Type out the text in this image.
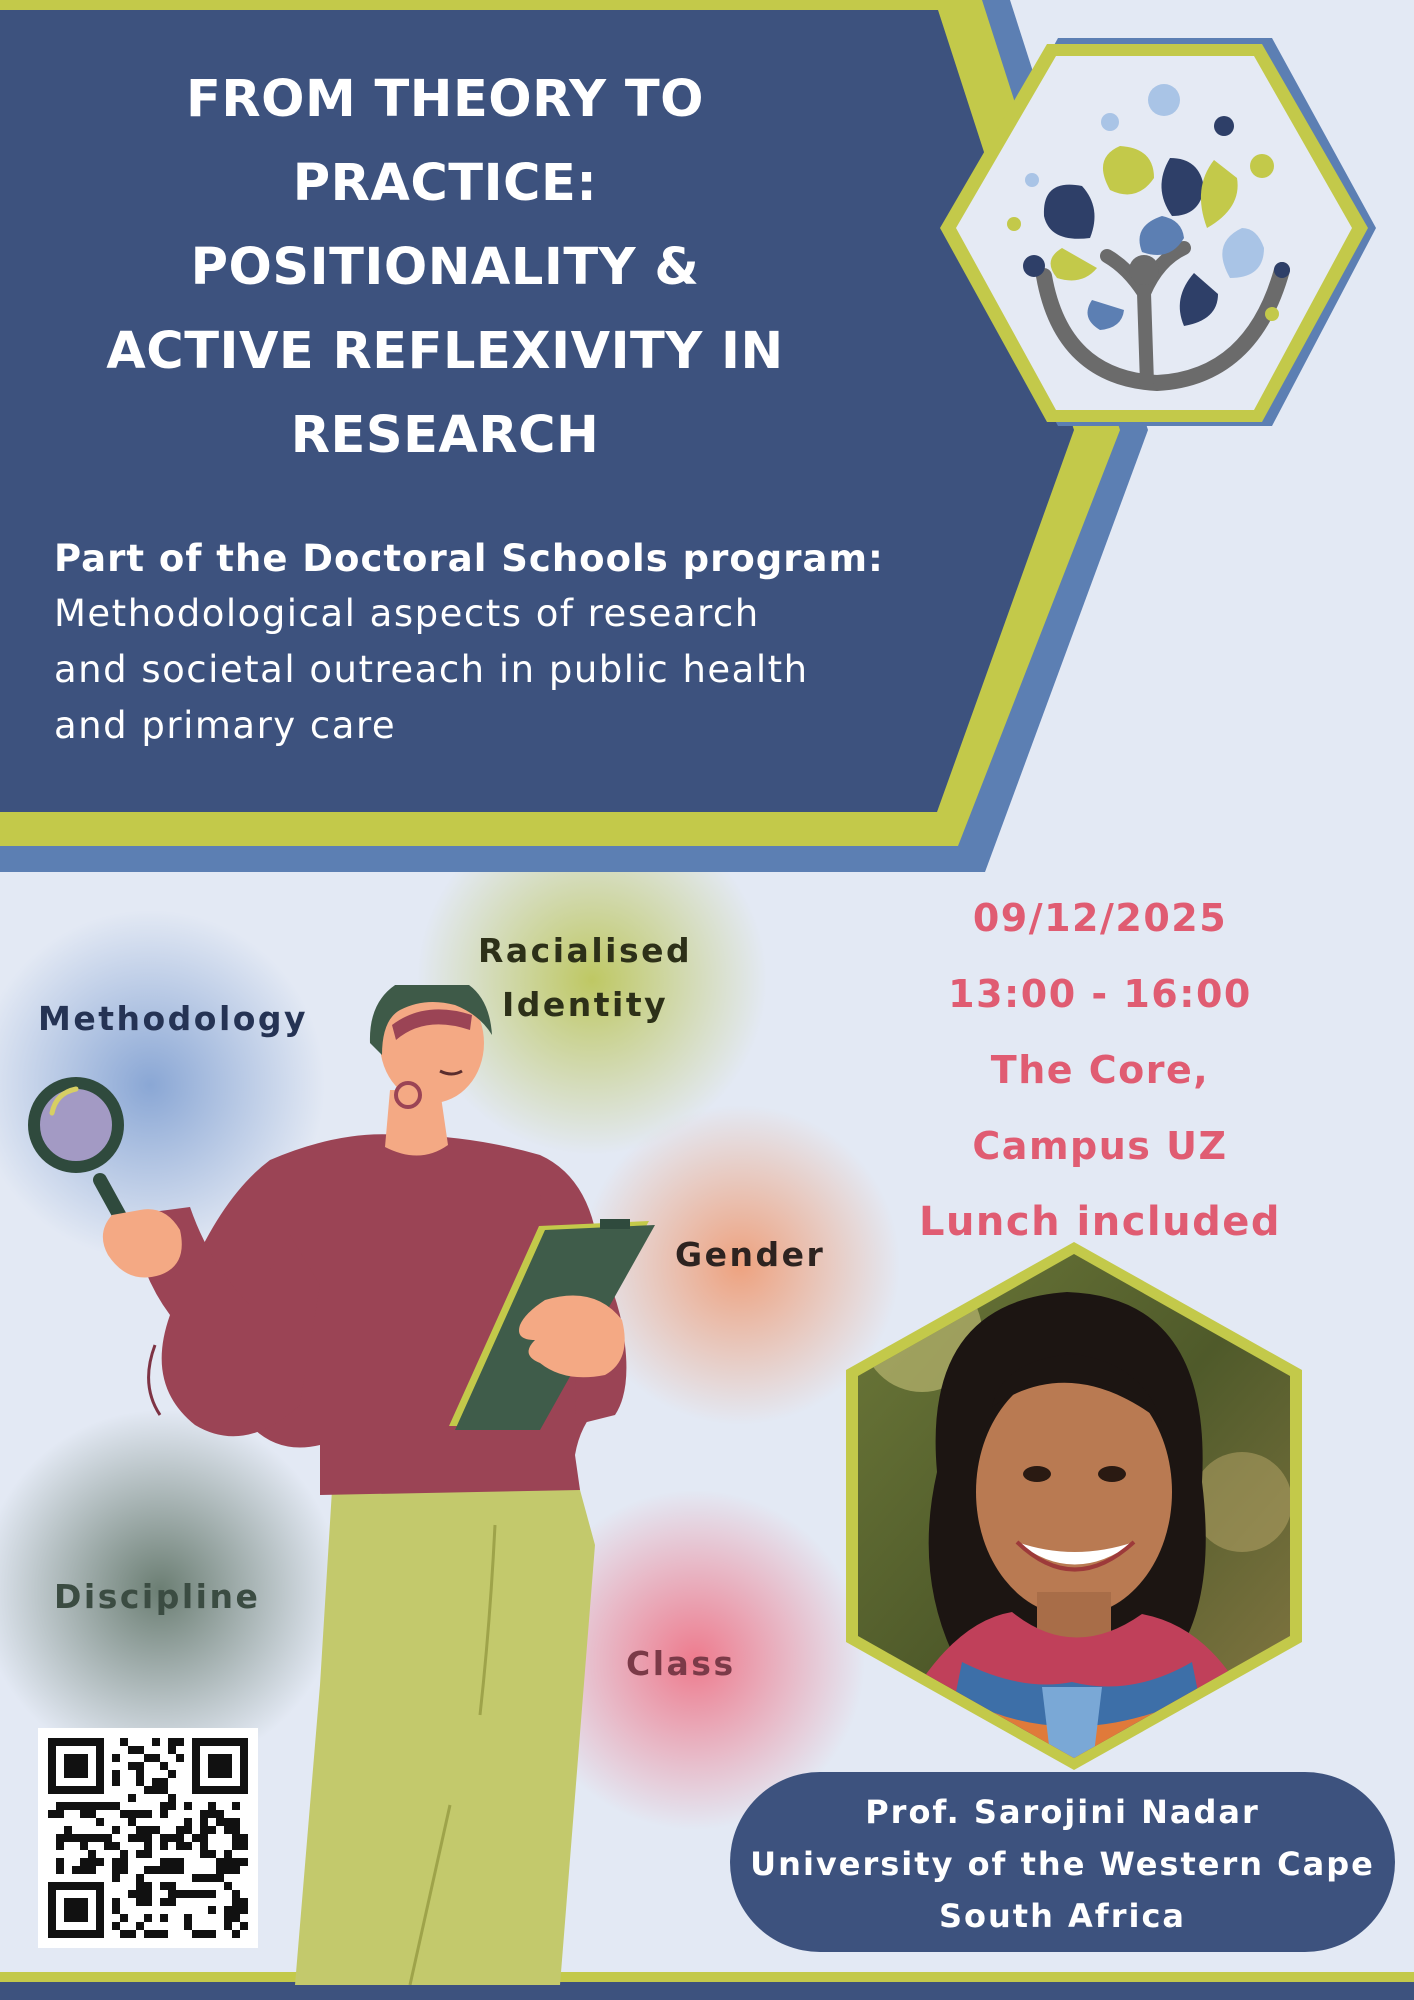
FROM THEORY TO
PRACTICE:
POSITIONALITY &
ACTIVE REFLEXIVITY IN
RESEARCH
Part of the Doctoral Schools program:
Methodological aspects of research
and societal outreach in public health
and primary care
09/12/2025
13:00 - 16:00
The Core,
Campus UZ
Lunch included
Methodology
Racialised
Identity
Gender
Discipline
Class
Prof. Sarojini Nadar
University of the Western Cape
South Africa
